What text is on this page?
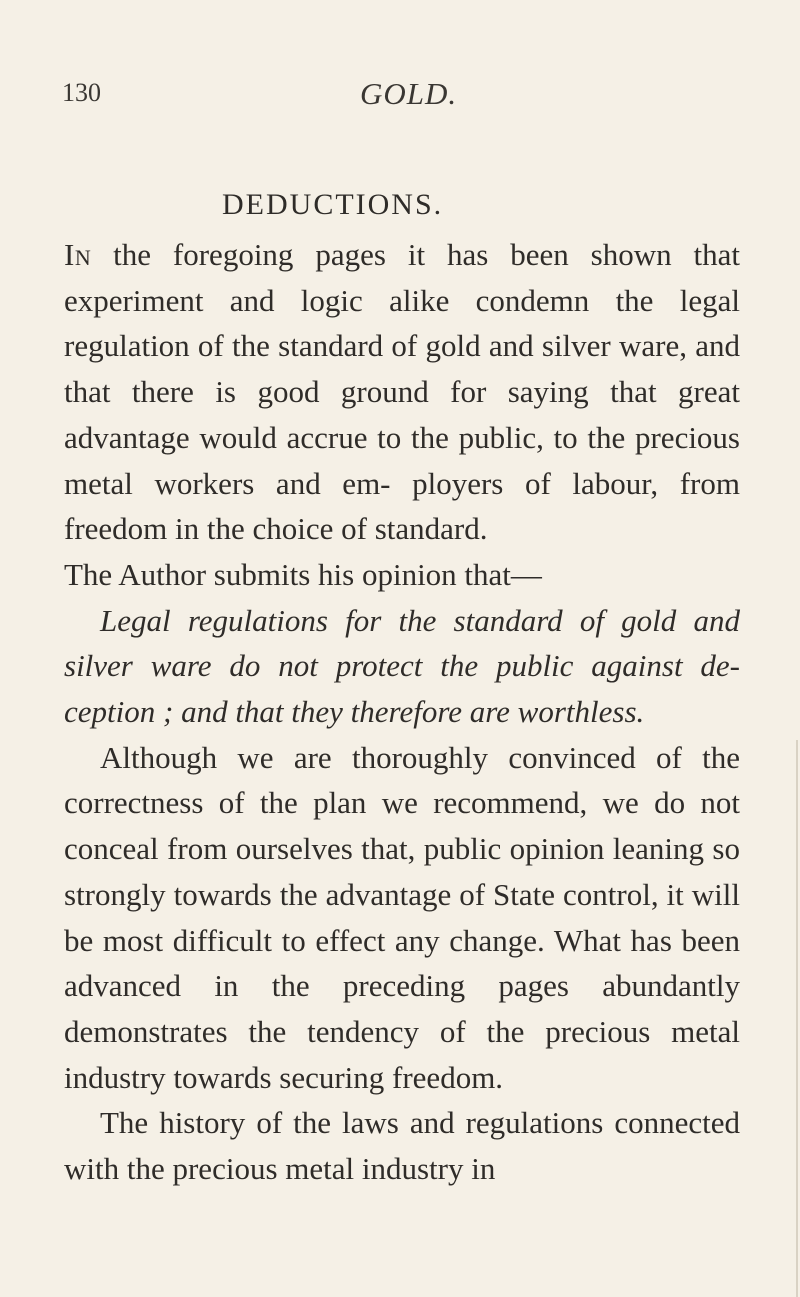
130	GOLD.
DEDUCTIONS.

In the foregoing pages it has been shown that experiment and logic alike condemn the legal regulation of the standard of gold and silver ware, and that there is good ground for saying that great advantage would accrue to the public, to the precious metal workers and em- ployers of labour, from freedom in the choice of standard.

The Author submits his opinion that—

Legal regulations for the standard of gold and silver ware do not protect the public against de- ception ; and that they therefore are worthless.

Although we are thoroughly convinced of the correctness of the plan we recommend, we do not conceal from ourselves that, public opinion leaning so strongly towards the advantage of State control, it will be most difficult to effect any change. What has been advanced in the preceding pages abundantly demonstrates the tendency of the precious metal industry towards securing freedom.

The history of the laws and regulations connected with the precious metal industry in
